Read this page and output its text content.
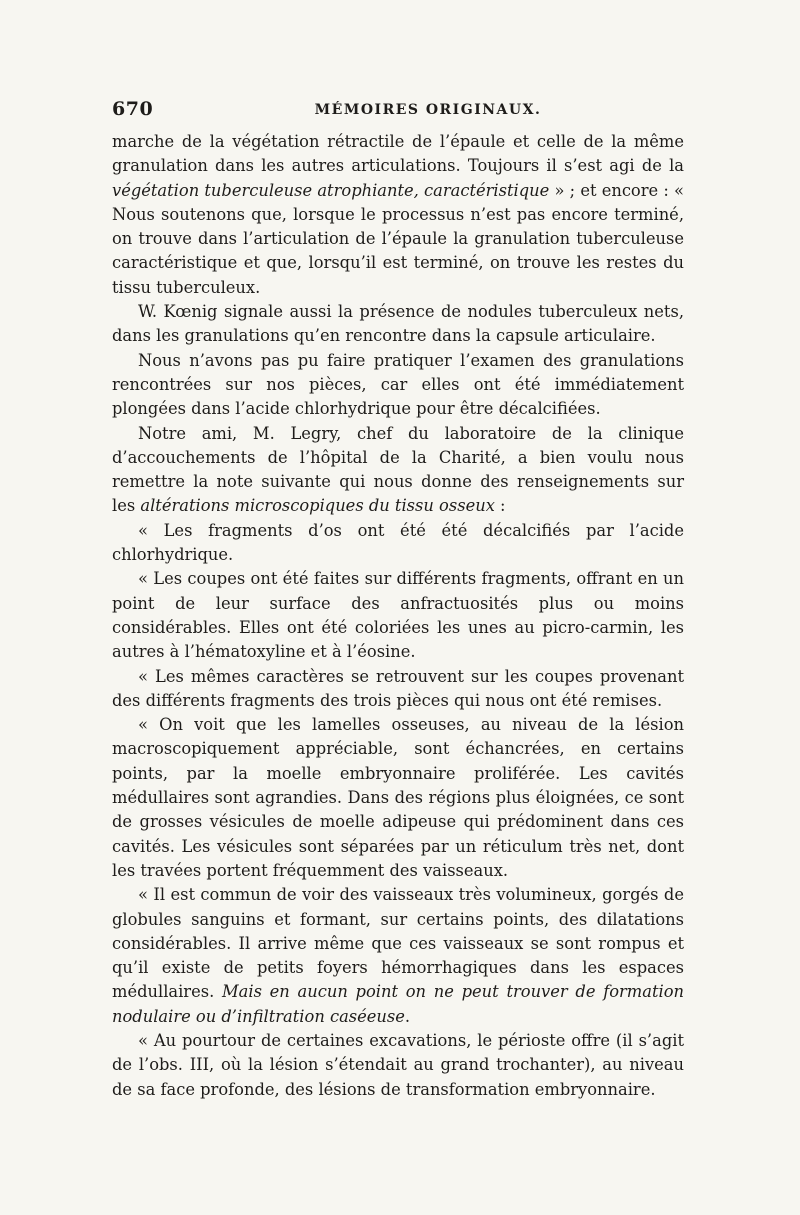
670	MÉMOIRES ORIGINAUX.

marche de la végétation rétractile de l’épaule et celle de la même granulation dans les autres articulations. Toujours il s’est agi de la végétation tuberculeuse atrophiante, caractéristique » ; et encore : « Nous soutenons que, lorsque le processus n’est pas encore terminé, on trouve dans l’articulation de l’épaule la granulation tuberculeuse caractéristique et que, lorsqu’il est terminé, on trouve les restes du tissu tuberculeux.

W. Kœnig signale aussi la présence de nodules tuberculeux nets, dans les granulations qu’en rencontre dans la capsule articulaire.

Nous n’avons pas pu faire pratiquer l’examen des granulations rencontrées sur nos pièces, car elles ont été immédiatement plongées dans l’acide chlorhydrique pour être décalcifiées.

Notre ami, M. Legry, chef du laboratoire de la clinique d’accouchements de l’hôpital de la Charité, a bien voulu nous remettre la note suivante qui nous donne des renseignements sur les altérations microscopiques du tissu osseux :

« Les fragments d’os ont été été décalcifiés par l’acide chlorhydrique.

« Les coupes ont été faites sur différents fragments, offrant en un point de leur surface des anfractuosités plus ou moins considérables. Elles ont été coloriées les unes au picro-carmin, les autres à l’hématoxyline et à l’éosine.

« Les mêmes caractères se retrouvent sur les coupes provenant des différents fragments des trois pièces qui nous ont été remises.

« On voit que les lamelles osseuses, au niveau de la lésion macroscopiquement appréciable, sont échancrées, en certains points, par la moelle embryonnaire proliférée. Les cavités médullaires sont agrandies. Dans des régions plus éloignées, ce sont de grosses vésicules de moelle adipeuse qui prédominent dans ces cavités. Les vésicules sont séparées par un réticulum très net, dont les travées portent fréquemment des vaisseaux.

« Il est commun de voir des vaisseaux très volumineux, gorgés de globules sanguins et formant, sur certains points, des dilatations considérables. Il arrive même que ces vaisseaux se sont rompus et qu’il existe de petits foyers hémorrhagiques dans les espaces médullaires. Mais en aucun point on ne peut trouver de formation nodulaire ou d’infiltration caséeuse.

« Au pourtour de certaines excavations, le périoste offre (il s’agit de l’obs. III, où la lésion s’étendait au grand trochanter), au niveau de sa face profonde, des lésions de transformation embryonnaire.
